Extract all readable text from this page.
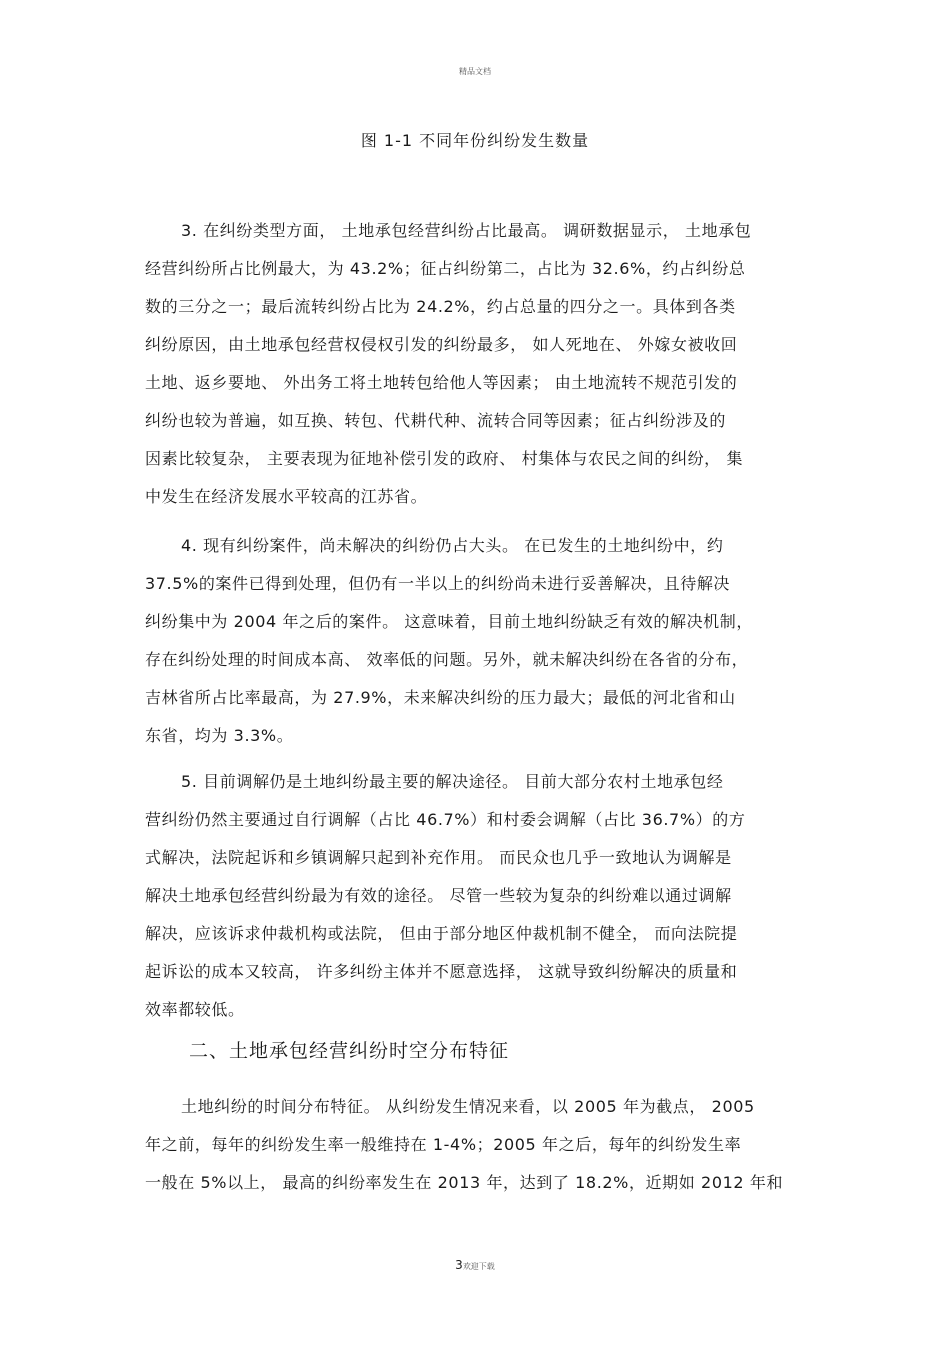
精品文档
图 1-1 不同年份纠纷发生数量
3. 在纠纷类型方面， 土地承包经营纠纷占比最高。 调研数据显示， 土地承包
经营纠纷所占比例最大，为 43.2%；征占纠纷第二，占比为 32.6%，约占纠纷总
数的三分之一；最后流转纠纷占比为 24.2%，约占总量的四分之一。具体到各类
纠纷原因，由土地承包经营权侵权引发的纠纷最多， 如人死地在、 外嫁女被收回
土地、返乡要地、 外出务工将土地转包给他人等因素； 由土地流转不规范引发的
纠纷也较为普遍，如互换、转包、代耕代种、流转合同等因素；征占纠纷涉及的
因素比较复杂， 主要表现为征地补偿引发的政府、 村集体与农民之间的纠纷， 集
中发生在经济发展水平较高的江苏省。
4. 现有纠纷案件，尚未解决的纠纷仍占大头。 在已发生的土地纠纷中，约
37.5%的案件已得到处理，但仍有一半以上的纠纷尚未进行妥善解决，且待解决
纠纷集中为 2004 年之后的案件。 这意味着，目前土地纠纷缺乏有效的解决机制，
存在纠纷处理的时间成本高、 效率低的问题。另外，就未解决纠纷在各省的分布，
吉林省所占比率最高，为 27.9%，未来解决纠纷的压力最大；最低的河北省和山
东省，均为 3.3%。
5. 目前调解仍是土地纠纷最主要的解决途径。 目前大部分农村土地承包经
营纠纷仍然主要通过自行调解（占比 46.7%）和村委会调解（占比 36.7%）的方
式解决，法院起诉和乡镇调解只起到补充作用。 而民众也几乎一致地认为调解是
解决土地承包经营纠纷最为有效的途径。 尽管一些较为复杂的纠纷难以通过调解
解决，应该诉求仲裁机构或法院， 但由于部分地区仲裁机制不健全， 而向法院提
起诉讼的成本又较高， 许多纠纷主体并不愿意选择， 这就导致纠纷解决的质量和
效率都较低。
二、土地承包经营纠纷时空分布特征
土地纠纷的时间分布特征。 从纠纷发生情况来看，以 2005 年为截点， 2005
年之前，每年的纠纷发生率一般维持在 1-4%；2005 年之后，每年的纠纷发生率
一般在 5%以上， 最高的纠纷率发生在 2013 年，达到了 18.2%，近期如 2012 年和
3欢迎下载
